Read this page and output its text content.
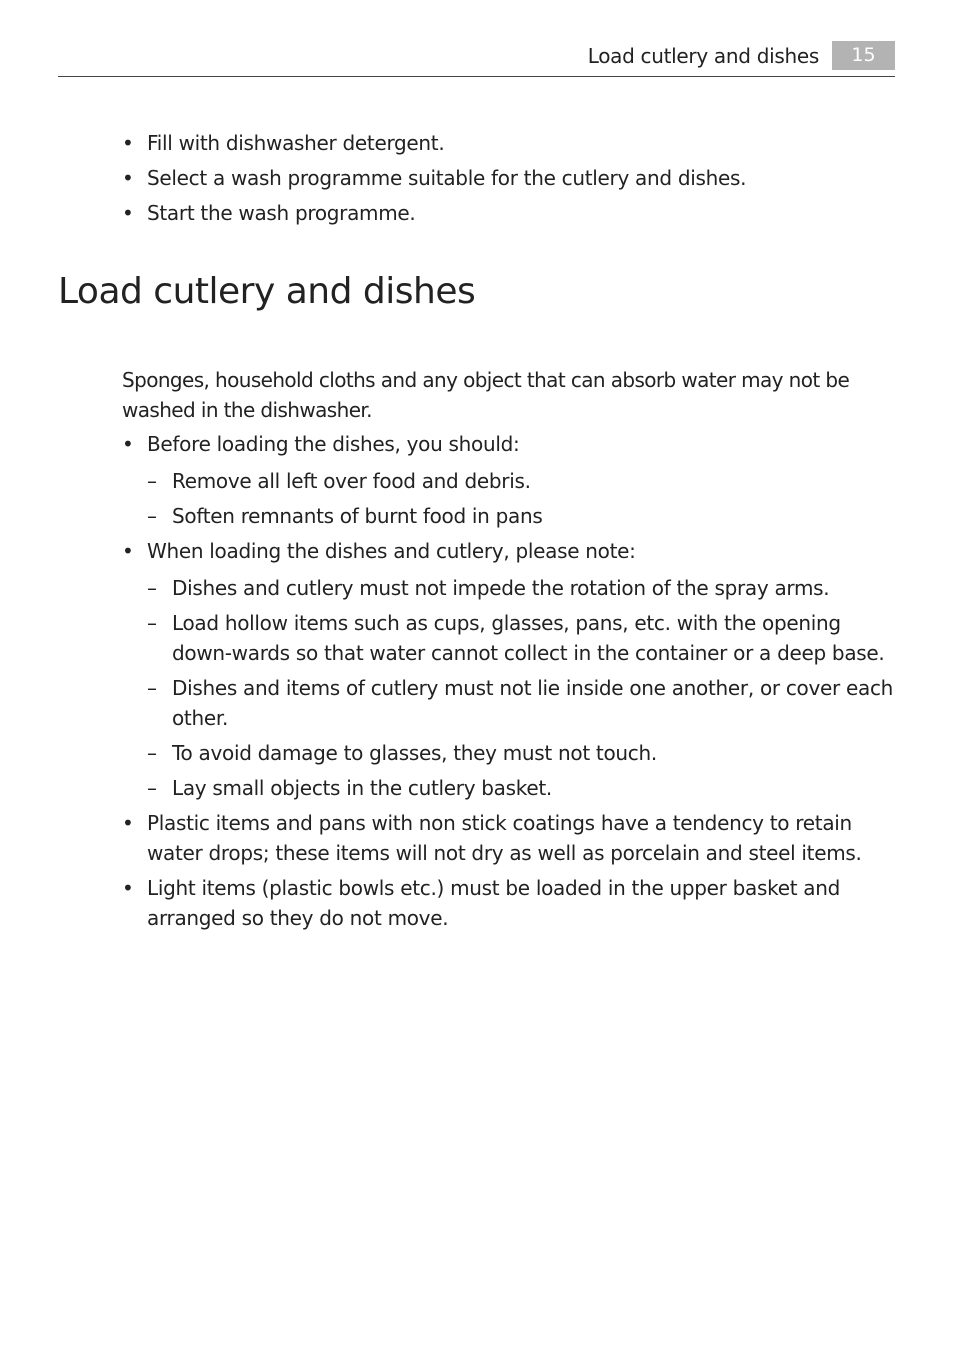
Load cutlery and dishes	15
• Fill with dishwasher detergent.
• Select a wash programme suitable for the cutlery and dishes.
• Start the wash programme.
Load cutlery and dishes

Sponges, household cloths and any object that can absorb water may not be washed in the dishwasher.

• Before loading the dishes, you should:
– Remove all left over food and debris.
– Soften remnants of burnt food in pans
• When loading the dishes and cutlery, please note:
– Dishes and cutlery must not impede the rotation of the spray arms.
– Load hollow items such as cups, glasses, pans, etc. with the opening down-wards so that water cannot collect in the container or a deep base.
– Dishes and items of cutlery must not lie inside one another, or cover each other.
– To avoid damage to glasses, they must not touch.
– Lay small objects in the cutlery basket.
• Plastic items and pans with non stick coatings have a tendency to retain water drops; these items will not dry as well as porcelain and steel items.
• Light items (plastic bowls etc.) must be loaded in the upper basket and arranged so they do not move.
